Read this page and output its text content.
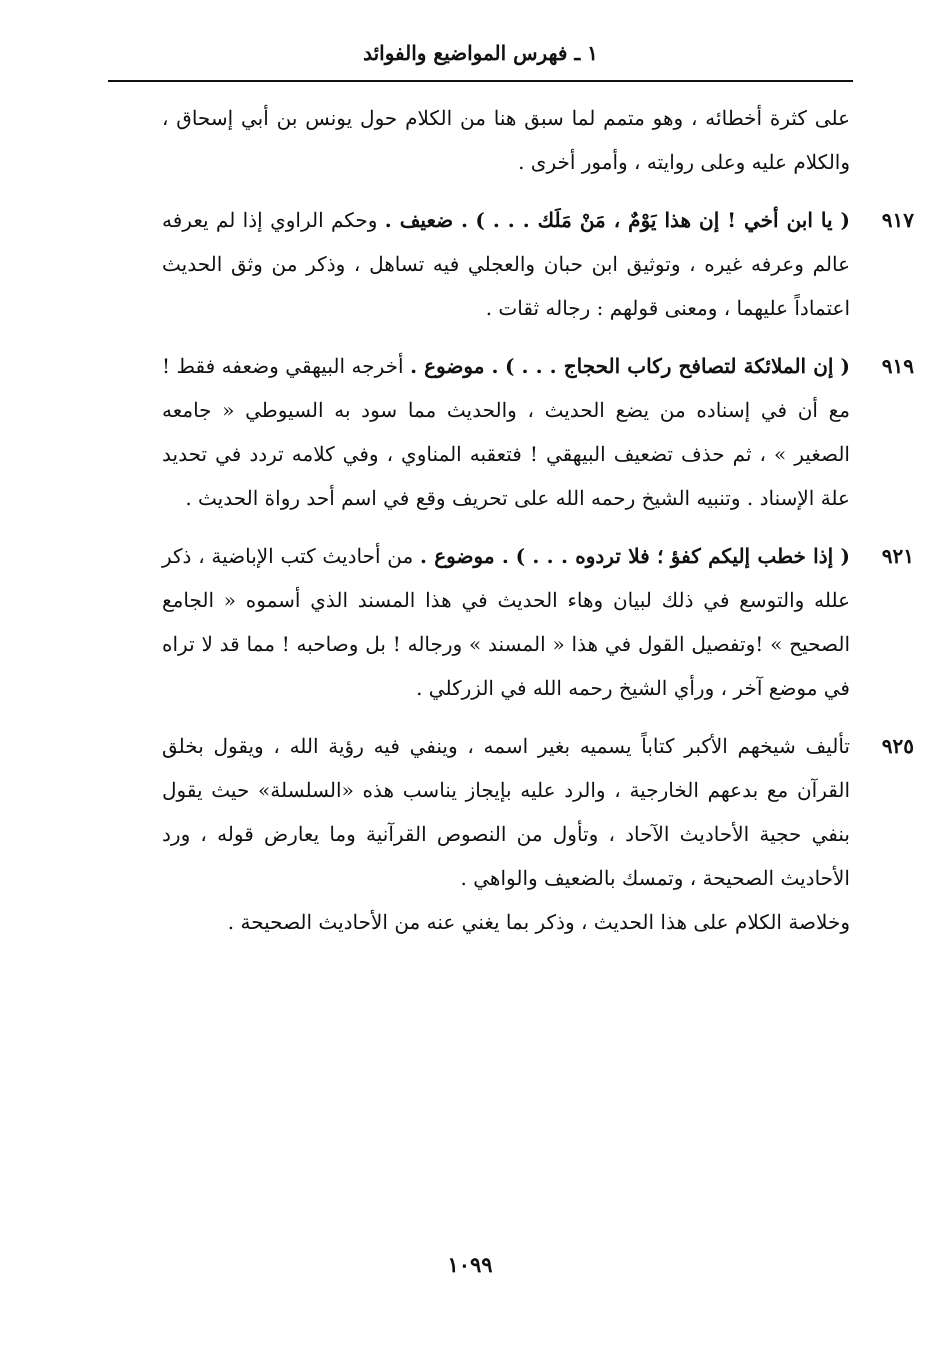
١ ـ فهرس المواضيع والفوائد

على كثرة أخطائه ، وهو متمم لما سبق هنا من الكلام حول يونس بن أبي إسحاق ، والكلام عليه وعلى روايته ، وأمور أخرى .

٩١٧

( يا ابن أخي ! إن هذا يَوْمٌ ، مَنْ مَلَك . . . ) . ضعيف . وحكم الراوي إذا لم يعرفه عالم وعرفه غيره ، وتوثيق ابن حبان والعجلي فيه تساهل ، وذكر من وثق الحديث اعتماداً عليهما ، ومعنى قولهم : رجاله ثقات .

٩١٩

( إن الملائكة لتصافح ركاب الحجاج . . . ) . موضوع . أخرجه البيهقي وضعفه فقط ! مع أن في إسناده من يضع الحديث ، والحديث مما سود به السيوطي « جامعه الصغير » ، ثم حذف تضعيف البيهقي ! فتعقبه المناوي ، وفي كلامه تردد في تحديد علة الإسناد . وتنبيه الشيخ رحمه الله على تحريف وقع في اسم أحد رواة الحديث .

٩٢١

( إذا خطب إليكم كفؤ ؛ فلا تردوه . . . ) . موضوع . من أحاديث كتب الإباضية ، ذكر علله والتوسع في ذلك لبيان وهاء الحديث في هذا المسند الذي أسموه « الجامع الصحيح » !وتفصيل القول في هذا « المسند » ورجاله ! بل وصاحبه ! مما قد لا تراه في موضع آخر ، ورأي الشيخ رحمه الله في الزركلي .

٩٢٥

تأليف شيخهم الأكبر كتاباً يسميه بغير اسمه ، وينفي فيه رؤية الله ، ويقول بخلق القرآن مع بدعهم الخارجية ، والرد عليه بإيجاز يناسب هذه «السلسلة» حيث يقول بنفي حجية الأحاديث الآحاد ، وتأول من النصوص القرآنية وما يعارض قوله ، ورد الأحاديث الصحيحة ، وتمسك بالضعيف والواهي .

وخلاصة الكلام على هذا الحديث ، وذكر بما يغني عنه من الأحاديث الصحيحة .

١٠٩٩
